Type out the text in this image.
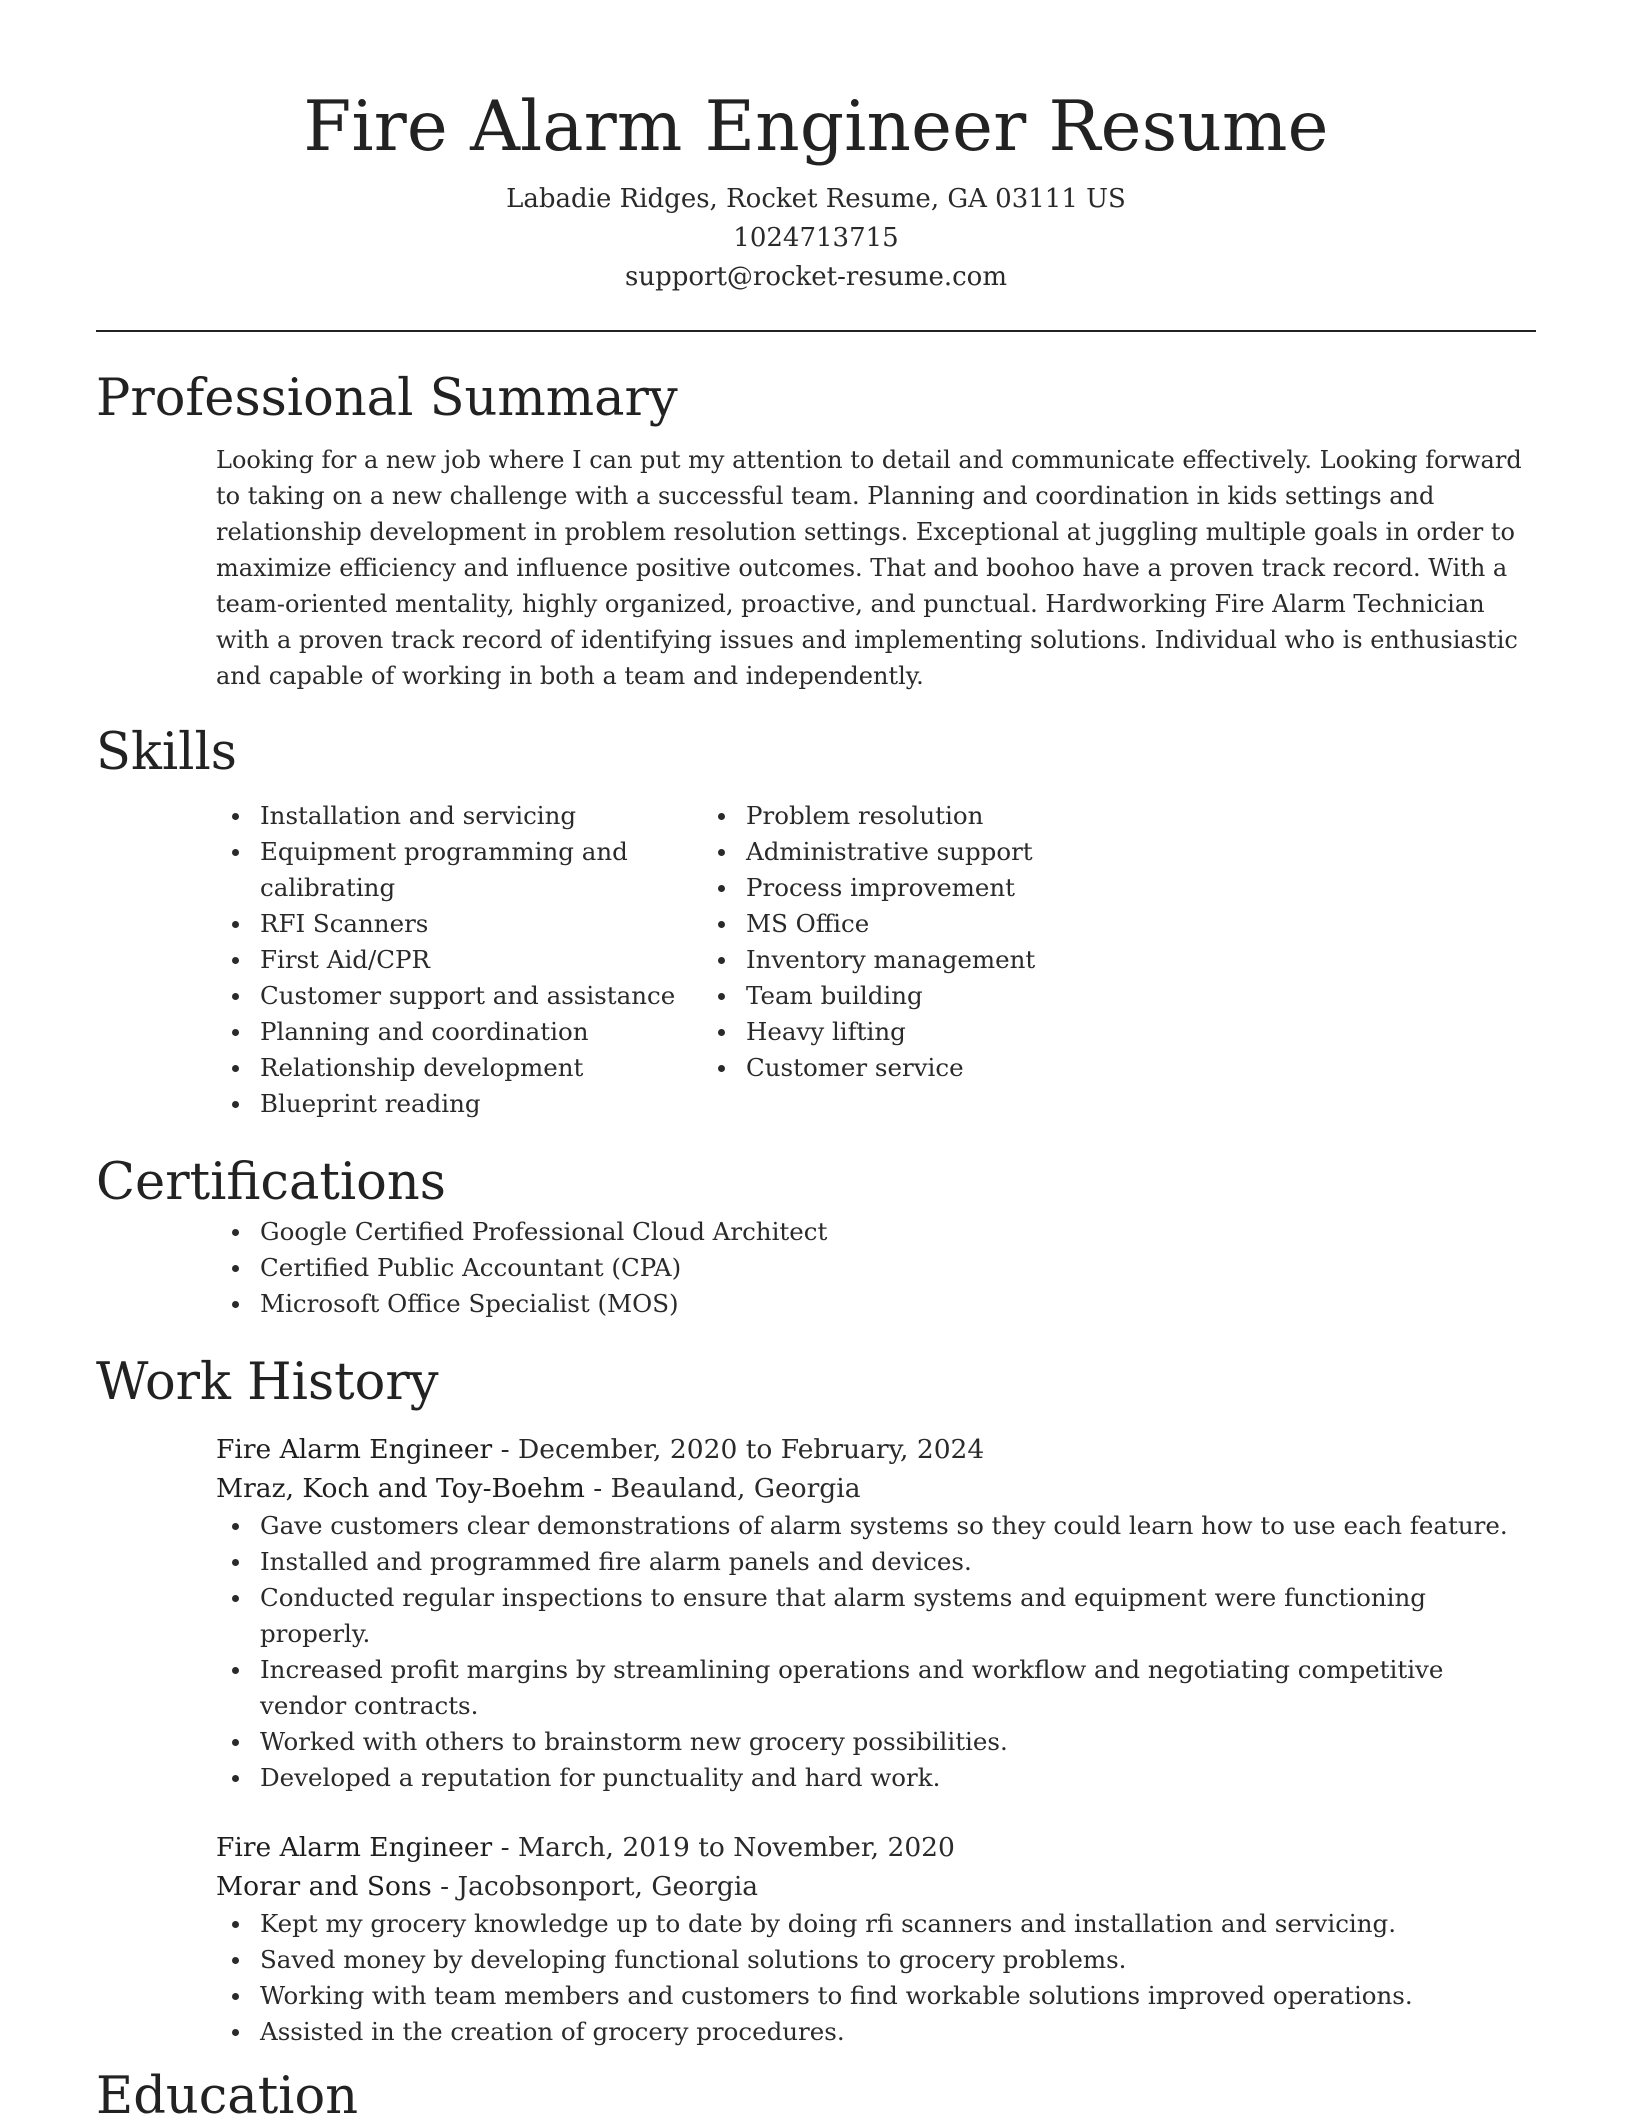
Fire Alarm Engineer Resume
Labadie Ridges, Rocket Resume, GA 03111 US
1024713715
support@rocket-resume.com
Professional Summary

Looking for a new job where I can put my attention to detail and communicate effectively. Looking forward to taking on a new challenge with a successful team. Planning and coordination in kids settings and relationship development in problem resolution settings. Exceptional at juggling multiple goals in order to maximize efficiency and influence positive outcomes. That and boohoo have a proven track record. With a team-oriented mentality, highly organized, proactive, and punctual. Hardworking Fire Alarm Technician with a proven track record of identifying issues and implementing solutions. Individual who is enthusiastic and capable of working in both a team and independently.

Skills
Installation and servicing
Equipment programming and calibrating
RFI Scanners
First Aid/CPR
Customer support and assistance
Planning and coordination
Relationship development
Blueprint reading
Problem resolution
Administrative support
Process improvement
MS Office
Inventory management
Team building
Heavy lifting
Customer service
Certifications
Google Certified Professional Cloud Architect
Certified Public Accountant (CPA)
Microsoft Office Specialist (MOS)
Work History
Fire Alarm Engineer - December, 2020 to February, 2024
Mraz, Koch and Toy-Boehm - Beauland, Georgia
Gave customers clear demonstrations of alarm systems so they could learn how to use each feature.
Installed and programmed fire alarm panels and devices.
Conducted regular inspections to ensure that alarm systems and equipment were functioning properly.
Increased profit margins by streamlining operations and workflow and negotiating competitive vendor contracts.
Worked with others to brainstorm new grocery possibilities.
Developed a reputation for punctuality and hard work.
Fire Alarm Engineer - March, 2019 to November, 2020
Morar and Sons - Jacobsonport, Georgia
Kept my grocery knowledge up to date by doing rfi scanners and installation and servicing.
Saved money by developing functional solutions to grocery problems.
Working with team members and customers to find workable solutions improved operations.
Assisted in the creation of grocery procedures.
Education
